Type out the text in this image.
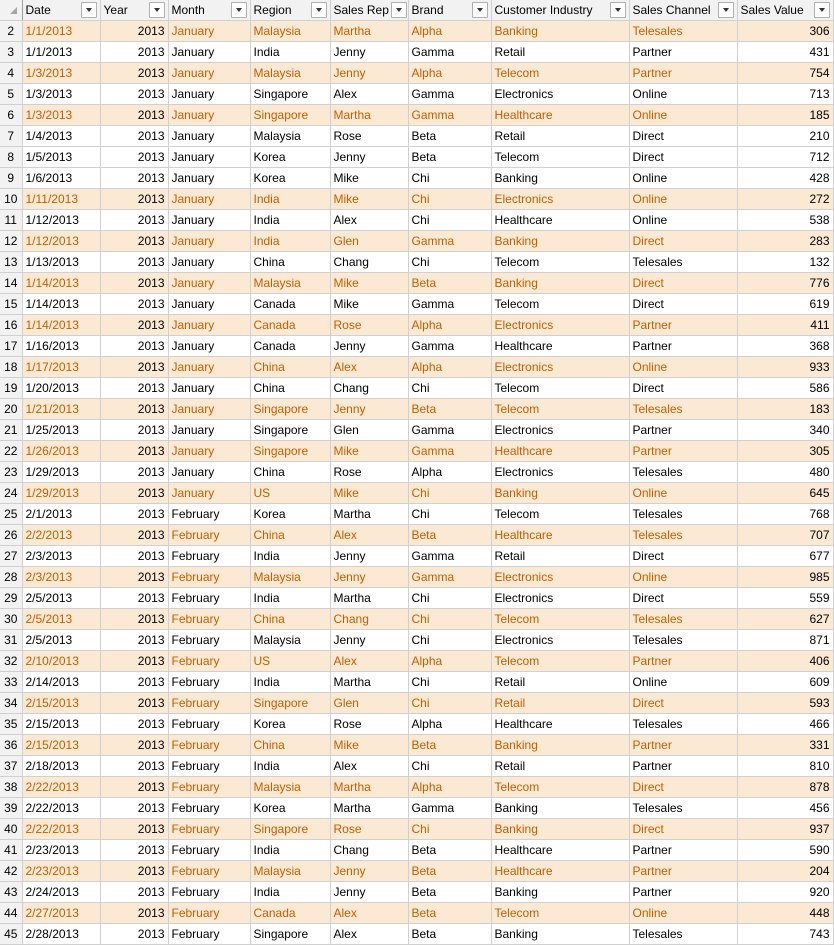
	Date	Year	Month	Region	Sales Rep	Brand	Customer Industry	Sales Channel	Sales Value

2	1/1/2013	2013	January	Malaysia	Martha	Alpha	Banking	Telesales	306
3	1/1/2013	2013	January	India	Jenny	Gamma	Retail	Partner	431
4	1/3/2013	2013	January	Malaysia	Jenny	Alpha	Telecom	Partner	754
5	1/3/2013	2013	January	Singapore	Alex	Gamma	Electronics	Online	713
6	1/3/2013	2013	January	Singapore	Martha	Gamma	Healthcare	Online	185
7	1/4/2013	2013	January	Malaysia	Rose	Beta	Retail	Direct	210
8	1/5/2013	2013	January	Korea	Jenny	Beta	Telecom	Direct	712
9	1/6/2013	2013	January	Korea	Mike	Chi	Banking	Online	428
10	1/11/2013	2013	January	India	Mike	Chi	Electronics	Online	272
11	1/12/2013	2013	January	India	Alex	Chi	Healthcare	Online	538
12	1/12/2013	2013	January	India	Glen	Gamma	Banking	Direct	283
13	1/13/2013	2013	January	China	Chang	Chi	Telecom	Telesales	132
14	1/14/2013	2013	January	Malaysia	Mike	Beta	Banking	Direct	776
15	1/14/2013	2013	January	Canada	Mike	Gamma	Telecom	Direct	619
16	1/14/2013	2013	January	Canada	Rose	Alpha	Electronics	Partner	411
17	1/16/2013	2013	January	Canada	Jenny	Gamma	Healthcare	Partner	368
18	1/17/2013	2013	January	China	Alex	Alpha	Electronics	Online	933
19	1/20/2013	2013	January	China	Chang	Chi	Telecom	Direct	586
20	1/21/2013	2013	January	Singapore	Jenny	Beta	Telecom	Telesales	183
21	1/25/2013	2013	January	Singapore	Glen	Gamma	Electronics	Partner	340
22	1/26/2013	2013	January	Singapore	Mike	Gamma	Healthcare	Partner	305
23	1/29/2013	2013	January	China	Rose	Alpha	Electronics	Telesales	480
24	1/29/2013	2013	January	US	Mike	Chi	Banking	Online	645
25	2/1/2013	2013	February	Korea	Martha	Chi	Telecom	Telesales	768
26	2/2/2013	2013	February	China	Alex	Beta	Healthcare	Telesales	707
27	2/3/2013	2013	February	India	Jenny	Gamma	Retail	Direct	677
28	2/3/2013	2013	February	Malaysia	Jenny	Gamma	Electronics	Online	985
29	2/5/2013	2013	February	India	Martha	Chi	Electronics	Direct	559
30	2/5/2013	2013	February	China	Chang	Chi	Telecom	Telesales	627
31	2/5/2013	2013	February	Malaysia	Jenny	Chi	Electronics	Telesales	871
32	2/10/2013	2013	February	US	Alex	Alpha	Telecom	Partner	406
33	2/14/2013	2013	February	India	Martha	Chi	Retail	Online	609
34	2/15/2013	2013	February	Singapore	Glen	Chi	Retail	Direct	593
35	2/15/2013	2013	February	Korea	Rose	Alpha	Healthcare	Telesales	466
36	2/15/2013	2013	February	China	Mike	Beta	Banking	Partner	331
37	2/18/2013	2013	February	India	Alex	Chi	Retail	Partner	810
38	2/22/2013	2013	February	Malaysia	Martha	Alpha	Telecom	Direct	878
39	2/22/2013	2013	February	Korea	Martha	Gamma	Banking	Telesales	456
40	2/22/2013	2013	February	Singapore	Rose	Chi	Banking	Direct	937
41	2/23/2013	2013	February	India	Chang	Beta	Healthcare	Partner	590
42	2/23/2013	2013	February	Malaysia	Jenny	Beta	Healthcare	Partner	204
43	2/24/2013	2013	February	India	Jenny	Beta	Banking	Partner	920
44	2/27/2013	2013	February	Canada	Alex	Beta	Telecom	Online	448
45	2/28/2013	2013	February	Singapore	Alex	Beta	Banking	Telesales	743
